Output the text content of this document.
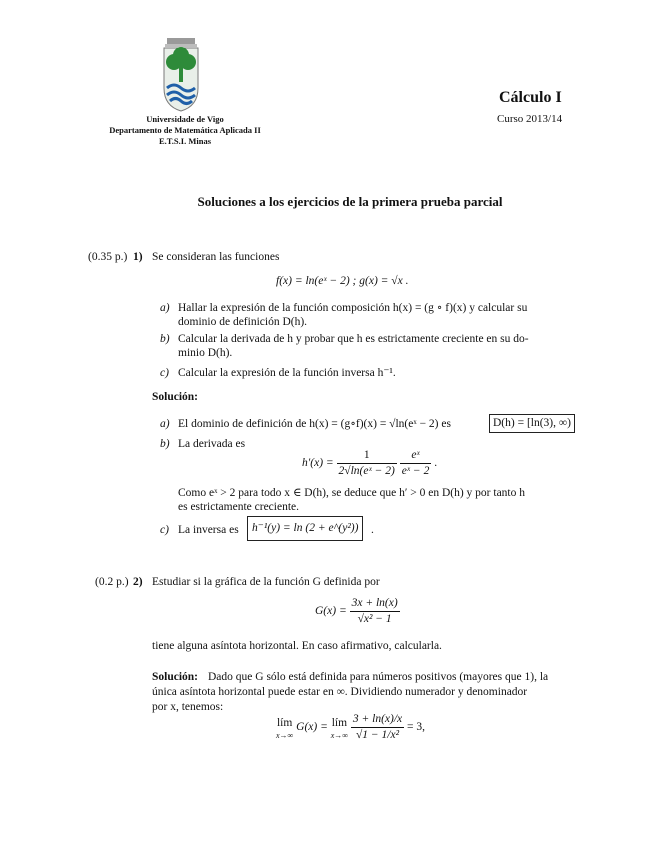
Universidade de Vigo
Departamento de Matemática Aplicada II
E.T.S.I. Minas
Cálculo I
Curso 2013/14
Soluciones a los ejercicios de la primera prueba parcial
(0.35 p.) 1) Se consideran las funciones
f(x) = ln(eˣ − 2) ; g(x) = √x .
a) Hallar la expresión de la función composición h(x) = (g ∘ f)(x) y calcular su
dominio de definición D(h).
b) Calcular la derivada de h y probar que h es estrictamente creciente en su do-
minio D(h).
c) Calcular la expresión de la función inversa h⁻¹.
Solución:
a) El dominio de definición de h(x) = (g∘f)(x) = √ln(eˣ − 2) es	D(h) = [ln(3), ∞)
b) La derivada es
$h'(x) = \frac{1}{\text{2√ln(eˣ − 2)}}$
$\frac{\text{eˣ}}{\text{eˣ − 2}}$ .
Como eˣ > 2 para todo x ∈ D(h), se deduce que h′ > 0 en D(h) y por tanto h
es estrictamente creciente.
c) La inversa es	h⁻¹(y) = ln (2 + e^(y²))	.
(0.2 p.) 2) Estudiar si la gráfica de la función G definida por
$G(x) = \frac{3x + \ln(x)}{\text{√x² − 1}}$
tiene alguna asíntota horizontal. En caso afirmativo, calcularla.
Solución: Dado que G sólo está definida para números positivos (mayores que 1), la
única asíntota horizontal puede estar en ∞. Dividiendo numerador y denominador
por x, tenemos:
lím
x→∞
G(x) = lím
x→∞
$\frac{3 + \ln(x)/x}{\text{√1 − 1/x²}} = 3$,
